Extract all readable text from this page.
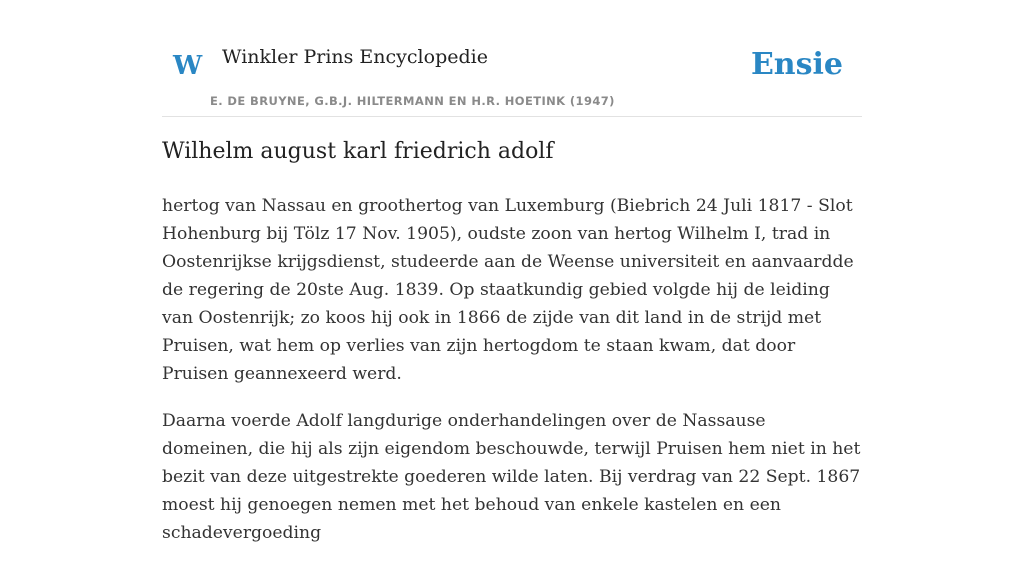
W Winkler Prins Encyclopedie
E. DE BRUYNE, G.B.J. HILTERMANN EN H.R. HOETINK (1947)
Ensie
Wilhelm august karl friedrich adolf

hertog van Nassau en groothertog van Luxemburg (Biebrich 24 Juli 1817 - Slot Hohenburg bij Tölz 17 Nov. 1905), oudste zoon van hertog Wilhelm I, trad in Oostenrijkse krijgsdienst, studeerde aan de Weense universiteit en aanvaardde de regering de 20ste Aug. 1839. Op staatkundig gebied volgde hij de leiding van Oostenrijk; zo koos hij ook in 1866 de zijde van dit land in de strijd met Pruisen, wat hem op verlies van zijn hertogdom te staan kwam, dat door Pruisen geannexeerd werd.

Daarna voerde Adolf langdurige onderhandelingen over de Nassause domeinen, die hij als zijn eigendom beschouwde, terwijl Pruisen hem niet in het bezit van deze uitgestrekte goederen wilde laten. Bij verdrag van 22 Sept. 1867 moest hij genoegen nemen met het behoud van enkele kastelen en een schadevergoeding
